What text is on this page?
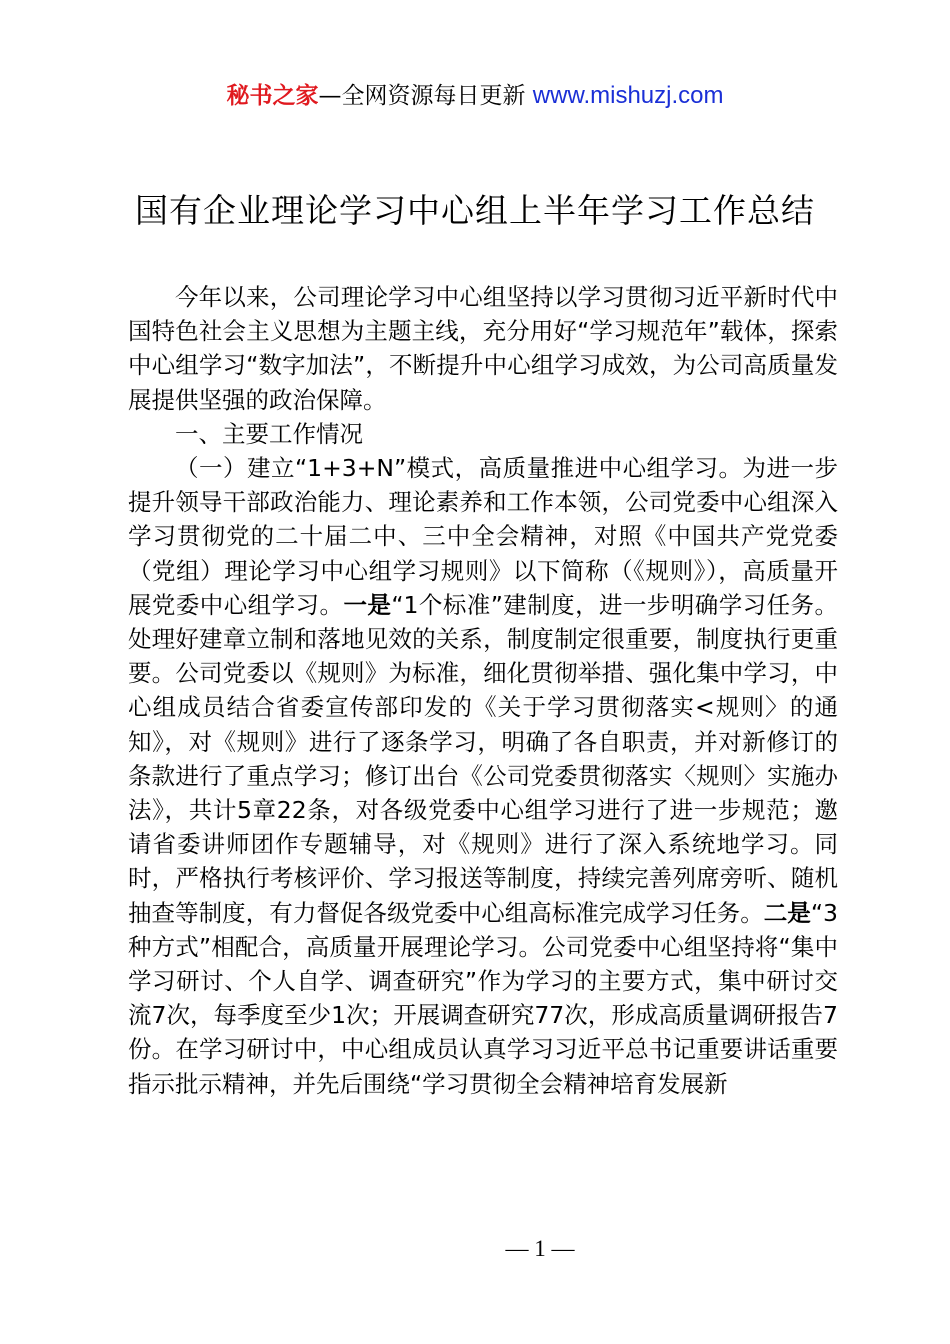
秘书之家—全网资源每日更新 www.mishuzj.com
国有企业理论学习中心组上半年学习工作总结

今年以来，公司理论学习中心组坚持以学习贯彻习近平新时代中国特色社会主义思想为主题主线，充分用好“学习规范年”载体，探索中心组学习“数字加法”，不断提升中心组学习成效，为公司高质量发展提供坚强的政治保障。

一、主要工作情况

（一）建立“1+3+N”模式，高质量推进中心组学习。为进一步提升领导干部政治能力、理论素养和工作本领，公司党委中心组深入学习贯彻党的二十届二中、三中全会精神，对照《中国共产党党委（党组）理论学习中心组学习规则》以下简称（《规则》），高质量开展党委中心组学习。一是“1个标准”建制度，进一步明确学习任务。处理好建章立制和落地见效的关系，制度制定很重要，制度执行更重要。公司党委以《规则》为标准，细化贯彻举措、强化集中学习，中心组成员结合省委宣传部印发的《关于学习贯彻落实<规则〉的通知》，对《规则》进行了逐条学习，明确了各自职责，并对新修订的条款进行了重点学习；修订出台《公司党委贯彻落实〈规则〉实施办法》，共计5章22条，对各级党委中心组学习进行了进一步规范；邀请省委讲师团作专题辅导，对《规则》进行了深入系统地学习。同时，严格执行考核评价、学习报送等制度，持续完善列席旁听、随机抽查等制度，有力督促各级党委中心组高标准完成学习任务。二是“3种方式”相配合，高质量开展理论学习。公司党委中心组坚持将“集中学习研讨、个人自学、调查研究”作为学习的主要方式，集中研讨交流7次，每季度至少1次；开展调查研究77次，形成高质量调研报告7份。在学习研讨中，中心组成员认真学习习近平总书记重要讲话重要指示批示精神，并先后围绕“学习贯彻全会精神培育发展新

— 1 —
